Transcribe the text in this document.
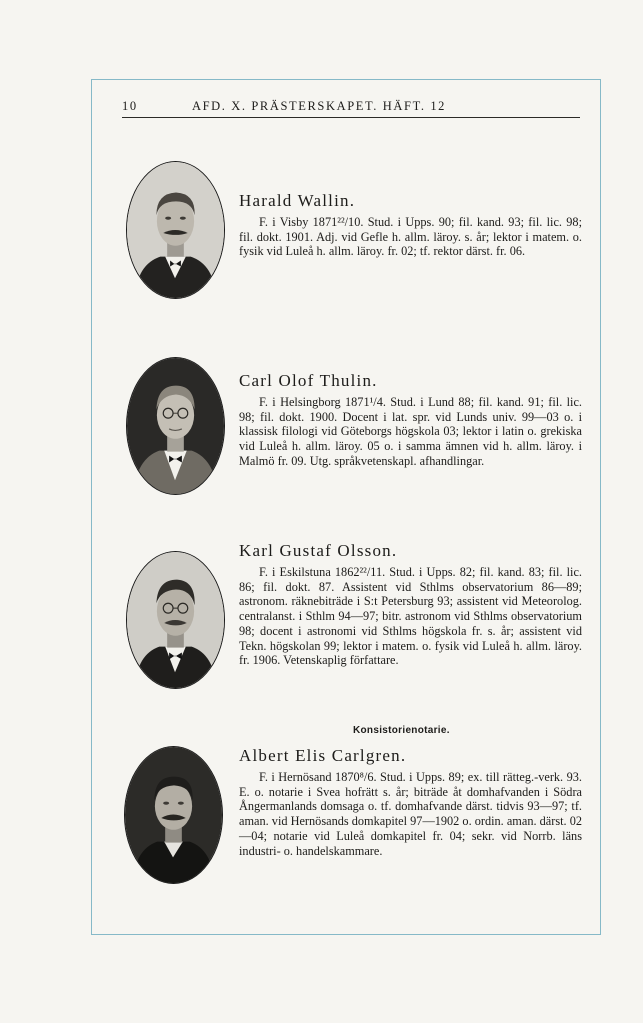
10	AFD. X. PRÄSTERSKAPET. HÄFT. 12
Harald Wallin.

F. i Visby 1871²²/10. Stud. i Upps. 90; fil. kand. 93; fil. lic. 98; fil. dokt. 1901. Adj. vid Gefle h. allm. läroy. s. år; lektor i matem. o. fysik vid Luleå h. allm. läroy. fr. 02; tf. rektor därst. fr. 06.

Carl Olof Thulin.

F. i Helsingborg 1871¹/4. Stud. i Lund 88; fil. kand. 91; fil. lic. 98; fil. dokt. 1900. Docent i lat. spr. vid Lunds univ. 99—03 o. i klassisk filologi vid Göteborgs högskola 03; lektor i latin o. grekiska vid Luleå h. allm. läroy. 05 o. i samma ämnen vid h. allm. läroy. i Malmö fr. 09. Utg. språkvetenskapl. afhandlingar.

Karl Gustaf Olsson.

F. i Eskilstuna 1862²²/11. Stud. i Upps. 82; fil. kand. 83; fil. lic. 86; fil. dokt. 87. Assistent vid Sthlms observatorium 86—89; astronom. räknebiträde i S:t Petersburg 93; assistent vid Meteorolog. centralanst. i Sthlm 94—97; bitr. astronom vid Sthlms observatorium 98; docent i astronomi vid Sthlms högskola fr. s. år; assistent vid Tekn. högskolan 99; lektor i matem. o. fysik vid Luleå h. allm. läroy. fr. 1906. Vetenskaplig författare.

Konsistorienotarie.
Albert Elis Carlgren.

F. i Hernösand 1870⁸/6. Stud. i Upps. 89; ex. till rätteg.-verk. 93. E. o. notarie i Svea hofrätt s. år; biträde åt domhafvanden i Södra Ångermanlands domsaga o. tf. domhafvande därst. tidvis 93—97; tf. aman. vid Hernösands domkapitel 97—1902 o. ordin. aman. därst. 02—04; notarie vid Luleå domkapitel fr. 04; sekr. vid Norrb. läns industri- o. handelskammare.
